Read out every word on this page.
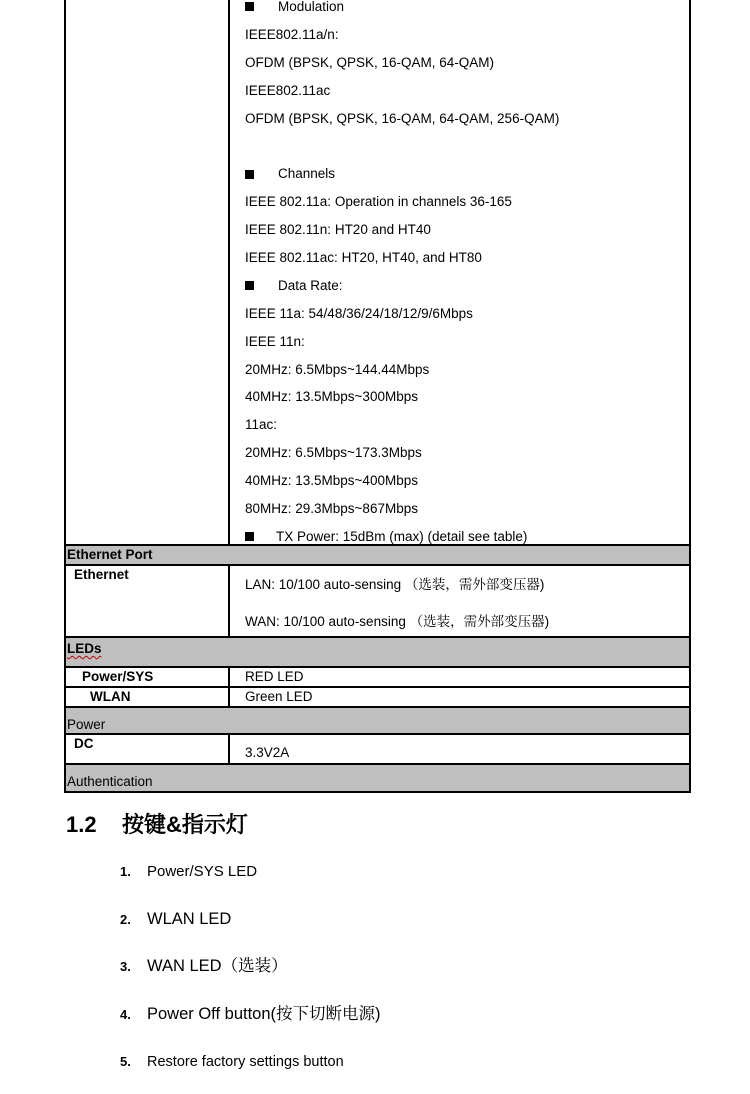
Modulation
IEEE802.11a/n:
OFDM (BPSK, QPSK, 16-QAM, 64-QAM)
IEEE802.11ac
OFDM (BPSK, QPSK, 16-QAM, 64-QAM, 256-QAM)
Channels
IEEE 802.11a: Operation in channels 36-165
IEEE 802.11n: HT20 and HT40
IEEE 802.11ac: HT20, HT40, and HT80
Data Rate:
IEEE 11a: 54/48/36/24/18/12/9/6Mbps
IEEE 11n:
20MHz: 6.5Mbps~144.44Mbps
40MHz: 13.5Mbps~300Mbps
11ac:
20MHz: 6.5Mbps~173.3Mbps
40MHz: 13.5Mbps~400Mbps
80MHz: 29.3Mbps~867Mbps
TX Power: 15dBm (max) (detail see table)
Ethernet Port
Ethernet
LAN: 10/100 auto-sensing （选装，需外部变压器)
WAN: 10/100 auto-sensing （选装，需外部变压器)
LEDs
Power/SYS	RED LED
WLAN	Green LED
Power
DC
3.3V2A
Authentication
1.2 按键&指示灯
1. Power/SYS LED
2. WLAN LED
3. WAN LED（选装）
4. Power Off button(按下切断电源)
5. Restore factory settings button
